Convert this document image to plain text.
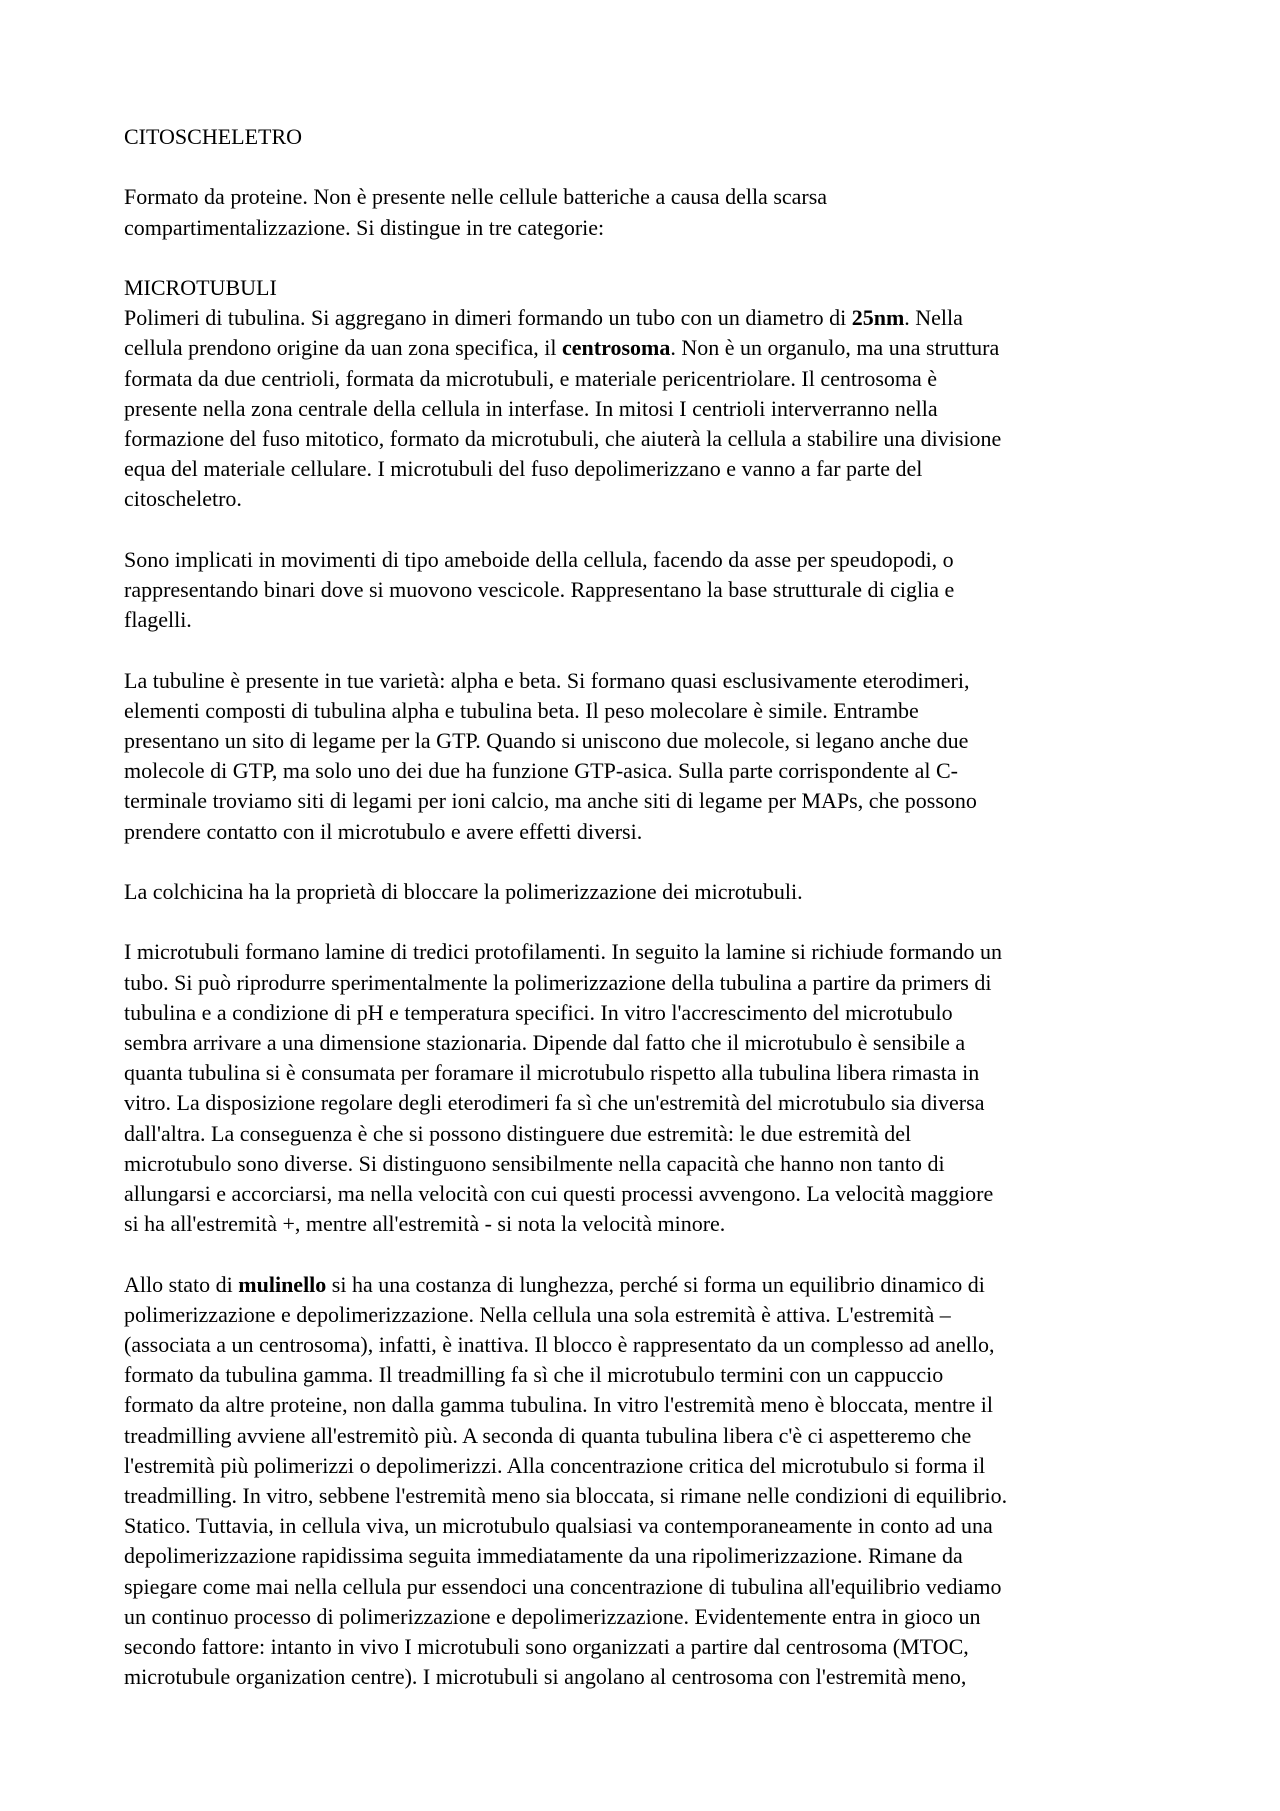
CITOSCHELETRO

Formato da proteine. Non è presente nelle cellule batteriche a causa della scarsa

compartimentalizzazione. Si distingue in tre categorie:

MICROTUBULI

Polimeri di tubulina. Si aggregano in dimeri formando un tubo con un diametro di 25nm. Nella

cellula prendono origine da uan zona specifica, il centrosoma. Non è un organulo, ma una struttura

formata da due centrioli, formata da microtubuli, e materiale pericentriolare. Il centrosoma è

presente nella zona centrale della cellula in interfase. In mitosi I centrioli interverranno nella

formazione del fuso mitotico, formato da microtubuli, che aiuterà la cellula a stabilire una divisione

equa del materiale cellulare. I microtubuli del fuso depolimerizzano e vanno a far parte del

citoscheletro.

Sono implicati in movimenti di tipo ameboide della cellula, facendo da asse per speudopodi, o

rappresentando binari dove si muovono vescicole. Rappresentano la base strutturale di ciglia e

flagelli.

La tubuline è presente in tue varietà: alpha e beta. Si formano quasi esclusivamente eterodimeri,

elementi composti di tubulina alpha e tubulina beta. Il peso molecolare è simile. Entrambe

presentano un sito di legame per la GTP. Quando si uniscono due molecole, si legano anche due

molecole di GTP, ma solo uno dei due ha funzione GTP-asica. Sulla parte corrispondente al C-

terminale troviamo siti di legami per ioni calcio, ma anche siti di legame per MAPs, che possono

prendere contatto con il microtubulo e avere effetti diversi.

La colchicina ha la proprietà di bloccare la polimerizzazione dei microtubuli.

I microtubuli formano lamine di tredici protofilamenti. In seguito la lamine si richiude formando un

tubo. Si può riprodurre sperimentalmente la polimerizzazione della tubulina a partire da primers di

tubulina e a condizione di pH e temperatura specifici. In vitro l'accrescimento del microtubulo

sembra arrivare a una dimensione stazionaria. Dipende dal fatto che il microtubulo è sensibile a

quanta tubulina si è consumata per foramare il microtubulo rispetto alla tubulina libera rimasta in

vitro. La disposizione regolare degli eterodimeri fa sì che un'estremità del microtubulo sia diversa

dall'altra. La conseguenza è che si possono distinguere due estremità: le due estremità del

microtubulo sono diverse. Si distinguono sensibilmente nella capacità che hanno non tanto di

allungarsi e accorciarsi, ma nella velocità con cui questi processi avvengono. La velocità maggiore

si ha all'estremità +, mentre all'estremità - si nota la velocità minore.

Allo stato di mulinello si ha una costanza di lunghezza, perché si forma un equilibrio dinamico di

polimerizzazione e depolimerizzazione. Nella cellula una sola estremità è attiva. L'estremità –

(associata a un centrosoma), infatti, è inattiva. Il blocco è rappresentato da un complesso ad anello,

formato da tubulina gamma. Il treadmilling fa sì che il microtubulo termini con un cappuccio

formato da altre proteine, non dalla gamma tubulina. In vitro l'estremità meno è bloccata, mentre il

treadmilling avviene all'estremitò più. A seconda di quanta tubulina libera c'è ci aspetteremo che

l'estremità più polimerizzi o depolimerizzi. Alla concentrazione critica del microtubulo si forma il

treadmilling. In vitro, sebbene l'estremità meno sia bloccata, si rimane nelle condizioni di equilibrio.

Statico. Tuttavia, in cellula viva, un microtubulo qualsiasi va contemporaneamente in conto ad una

depolimerizzazione rapidissima seguita immediatamente da una ripolimerizzazione. Rimane da

spiegare come mai nella cellula pur essendoci una concentrazione di tubulina all'equilibrio vediamo

un continuo processo di polimerizzazione e depolimerizzazione. Evidentemente entra in gioco un

secondo fattore: intanto in vivo I microtubuli sono organizzati a partire dal centrosoma (MTOC,

microtubule organization centre). I microtubuli si angolano al centrosoma con l'estremità meno,
